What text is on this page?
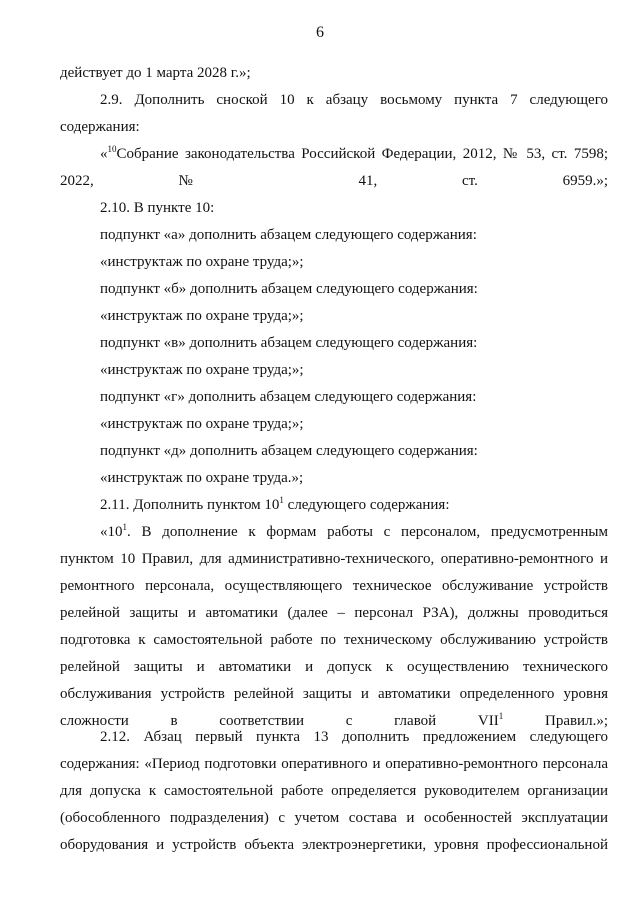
6

действует до 1 марта 2028 г.»;

2.9. Дополнить сноской 10 к абзацу восьмому пункта 7 следующего содержания:

«$^{10}$Собрание законодательства Российской Федерации, 2012, № 53, ст. 7598; 2022, № 41, ст. 6959.»;

2.10. В пункте 10:

подпункт «а» дополнить абзацем следующего содержания:

«инструктаж по охране труда;»;

подпункт «б» дополнить абзацем следующего содержания:

«инструктаж по охране труда;»;

подпункт «в» дополнить абзацем следующего содержания:

«инструктаж по охране труда;»;

подпункт «г» дополнить абзацем следующего содержания:

«инструктаж по охране труда;»;

подпункт «д» дополнить абзацем следующего содержания:

«инструктаж по охране труда.»;

2.11. Дополнить пунктом $10^1$ следующего содержания:

«$10^1$. В дополнение к формам работы с персоналом, предусмотренным пунктом 10 Правил, для административно-технического, оперативно-ремонтного и ремонтного персонала, осуществляющего техническое обслуживание устройств релейной защиты и автоматики (далее – персонал РЗА), должны проводиться подготовка к самостоятельной работе по техническому обслуживанию устройств релейной защиты и автоматики и допуск к осуществлению технического обслуживания устройств релейной защиты и автоматики определенного уровня сложности в соответствии с главой VII$^1$ Правил.»;

2.12. Абзац первый пункта 13 дополнить предложением следующего содержания: «Период подготовки оперативного и оперативно-ремонтного персонала для допуска к самостоятельной работе определяется руководителем организации (обособленного подразделения) с учетом состава и особенностей эксплуатации оборудования и устройств объекта электроэнергетики, уровня профессиональной
